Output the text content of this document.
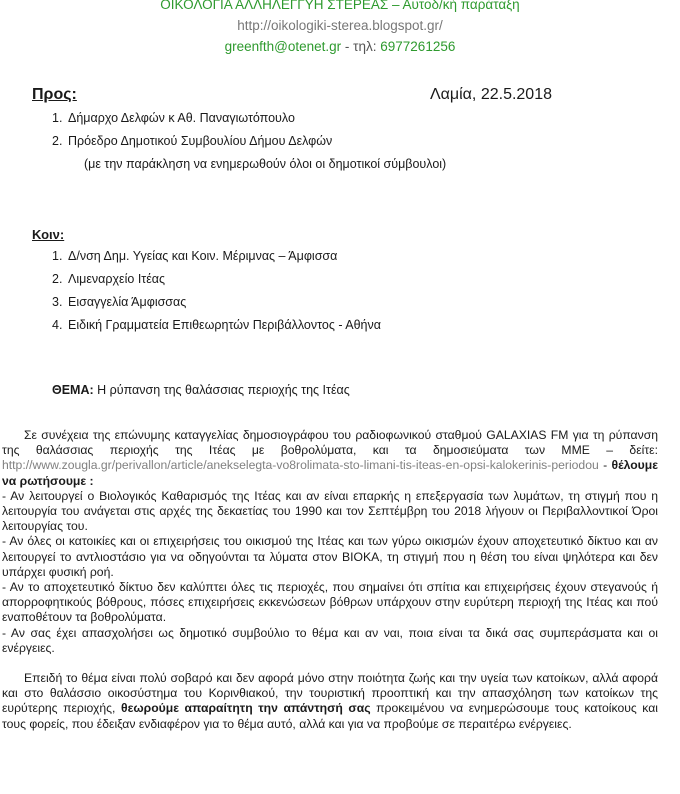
ΟΙΚΟΛΟΓΙΑ ΑΛΛΗΛΕΓΓΥΗ ΣΤΕΡΕΑΣ – Αυτοδ/κή παράταξη
http://oikologiki-sterea.blogspot.gr/
greenfth@otenet.gr - τηλ: 6977261256
Προς:	Λαμία, 22.5.2018
1. Δήμαρχο Δελφών κ Αθ. Παναγιωτόπουλο
2. Πρόεδρο Δημοτικού Συμβουλίου Δήμου Δελφών
(με την παράκληση να ενημερωθούν όλοι οι δημοτικοί σύμβουλοι)
Κοιν:
1. Δ/νση Δημ. Υγείας και Κοιν. Μέριμνας – Άμφισσα
2. Λιμεναρχείο Ιτέας
3. Εισαγγελία Άμφισσας
4. Ειδική Γραμματεία Επιθεωρητών Περιβάλλοντος - Αθήνα
ΘΕΜΑ: Η ρύπανση της θαλάσσιας περιοχής της Ιτέας

Σε συνέχεια της επώνυμης καταγγελίας δημοσιογράφου του ραδιοφωνικού σταθμού GALAXIAS FM για τη ρύπανση της θαλάσσιας περιοχής της Ιτέας με βοθρολύματα, και τα δημοσιεύματα των ΜΜΕ – δείτε: http://www.zougla.gr/perivallon/article/anekselegta-vo8rolimata-sto-limani-tis-iteas-en-opsi-kalokerinis-periodou - θέλουμε να ρωτήσουμε :

- Αν λειτουργεί ο Βιολογικός Καθαρισμός της Ιτέας και αν είναι επαρκής η επεξεργασία των λυμάτων, τη στιγμή που η λειτουργία του ανάγεται στις αρχές της δεκαετίας του 1990 και τον Σεπτέμβρη του 2018 λήγουν οι Περιβαλλοντικοί Όροι λειτουργίας του.

- Αν όλες οι κατοικίες και οι επιχειρήσεις του οικισμού της Ιτέας και των γύρω οικισμών έχουν αποχετευτικό δίκτυο και αν λειτουργεί το αντλιοστάσιο για να οδηγούνται τα λύματα στον ΒΙΟΚΑ, τη στιγμή που η θέση του είναι ψηλότερα και δεν υπάρχει φυσική ροή.

- Αν το αποχετευτικό δίκτυο δεν καλύπτει όλες τις περιοχές, που σημαίνει ότι σπίτια και επιχειρήσεις έχουν στεγανούς ή απορροφητικούς βόθρους, πόσες επιχειρήσεις εκκενώσεων βόθρων υπάρχουν στην ευρύτερη περιοχή της Ιτέας και πού εναποθέτουν τα βοθρολύματα.

- Αν σας έχει απασχολήσει ως δημοτικό συμβούλιο το θέμα και αν ναι, ποια είναι τα δικά σας συμπεράσματα και οι ενέργειες.

Επειδή το θέμα είναι πολύ σοβαρό και δεν αφορά μόνο στην ποιότητα ζωής και την υγεία των κατοίκων, αλλά αφορά και στο θαλάσσιο οικοσύστημα του Κορινθιακού, την τουριστική προοπτική και την απασχόληση των κατοίκων της ευρύτερης περιοχής, θεωρούμε απαραίτητη την απάντησή σας προκειμένου να ενημερώσουμε τους κατοίκους και τους φορείς, που έδειξαν ενδιαφέρον για το θέμα αυτό, αλλά και για να προβούμε σε περαιτέρω ενέργειες.
